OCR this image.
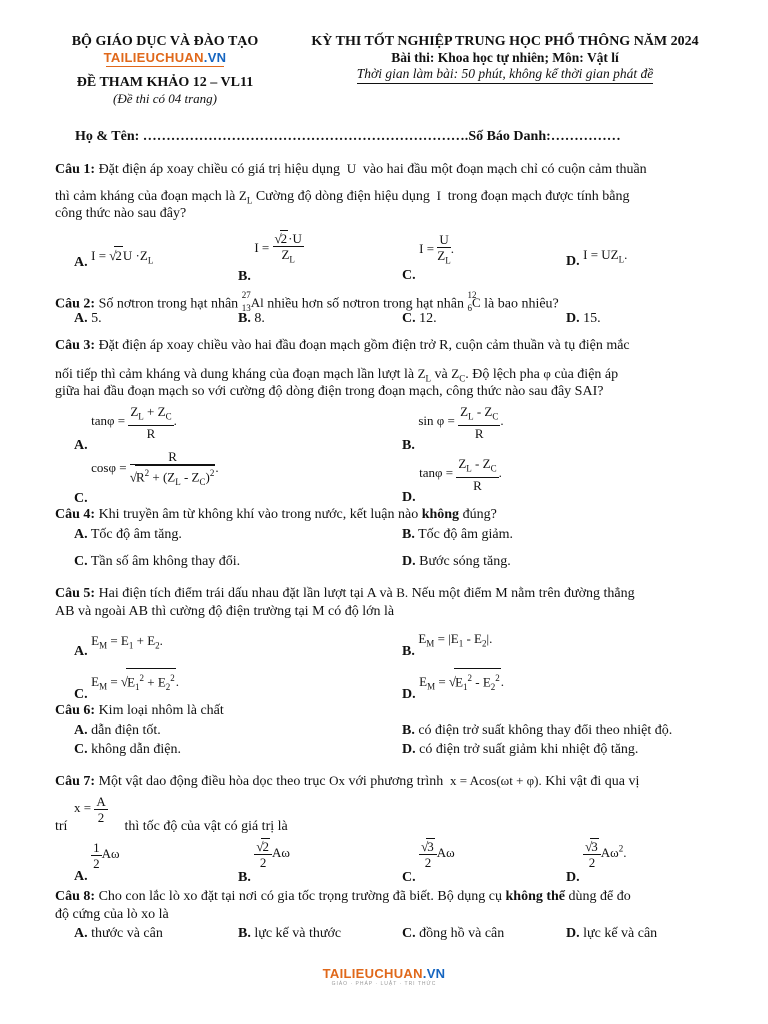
BỘ GIÁO DỤC VÀ ĐÀO TẠO
TAILIEUCHUAN.VN
ĐỀ THAM KHẢO 12 – VL11
(Đề thi có 04 trang)
KỲ THI TỐT NGHIỆP TRUNG HỌC PHỔ THÔNG NĂM 2024
Bài thi: Khoa học tự nhiên; Môn: Vật lí
Thời gian làm bài: 50 phút, không kể thời gian phát đề
Họ & Tên: …………………………………………………………….Số Báo Danh:……………
Câu 1: Đặt điện áp xoay chiều có giá trị hiệu dụng  U  vào hai đầu một đoạn mạch chỉ có cuộn cảm thuần
thì cảm kháng của đoạn mạch là $Z_L$ Cường độ dòng điện hiệu dụng  I  trong đoạn mạch được tính bằng
công thức nào sau đây?
A. $I = √2U \cdot Z_L$
B. $I = \frac{√2\cdot U}{Z_L}$
C. $I = \frac{U}{Z_L}$ .
D. $I = UZ_L$.
Câu 2: Số nơtron trong hạt nhân $^{27}_{13}$Al nhiều hơn số nơtron trong hạt nhân $^{12}_6$C là bao nhiêu?
A. 5.	B. 8.	C. 12.	D. 15.
Câu 3: Đặt điện áp xoay chiều vào hai đầu đoạn mạch gồm điện trở R, cuộn cảm thuần và tụ điện mắc
nối tiếp thì cảm kháng và dung kháng của đoạn mạch lần lượt là $Z_L$ và $Z_C$. Độ lệch pha φ của điện áp
giữa hai đầu đoạn mạch so với cường độ dòng điện trong đoạn mạch, công thức nào sau đây SAI?
A. $\tan\varphi = \frac{Z_L + Z_C}{R}$ .
B. $\sin \varphi = \frac{Z_L - Z_C}{R}$ .
C. $\cos\varphi = \frac{R}{√R^2 + (Z_L - Z_C)^2}$ .
D. $\tan\varphi = \frac{Z_L - Z_C}{R}$ .
Câu 4: Khi truyền âm từ không khí vào trong nước, kết luận nào không đúng?
A. Tốc độ âm tăng.	B. Tốc độ âm giảm.
C. Tần số âm không thay đổi.	D. Bước sóng tăng.
Câu 5: Hai điện tích điểm trái dấu nhau đặt lần lượt tại A và B. Nếu một điểm M nằm trên đường thẳng
AB và ngoài AB thì cường độ điện trường tại M có độ lớn là
A. $E_M = E_1 + E_2$.
B. $E_M = |E_1 - E_2|$.
C. $E_M = √E_1^2 + E_2^2$.
D. $E_M = √E_1^2 - E_2^2$.
Câu 6: Kim loại nhôm là chất
A. dẫn điện tốt.	B. có điện trở suất không thay đổi theo nhiệt độ.
C. không dẫn điện.	D. có điện trở suất giảm khi nhiệt độ tăng.
Câu 7: Một vật dao động điều hòa dọc theo trục Ox với phương trình  x = Acos(ωt + φ). Khi vật đi qua vị
$x = \frac{A}{2}$
trí	thì tốc độ của vật có giá trị là
A.
$\frac{1}{2}$ Aω
B.
$\frac{√2}{2}$ Aω
C.
$\frac{√3}{2}$ Aω
D.
$\frac{√3}{2} A\omega^2$.
Câu 8: Cho con lắc lò xo đặt tại nơi có gia tốc trọng trường đã biết. Bộ dụng cụ không thể dùng để đo
độ cứng của lò xo là
A. thước và cân	B. lực kế và thước	C. đồng hồ và cân	D. lực kế và cân
TAILIEUCHUAN.VN
GIÁO · PHÁP · LUẬT · TRI THỨC
